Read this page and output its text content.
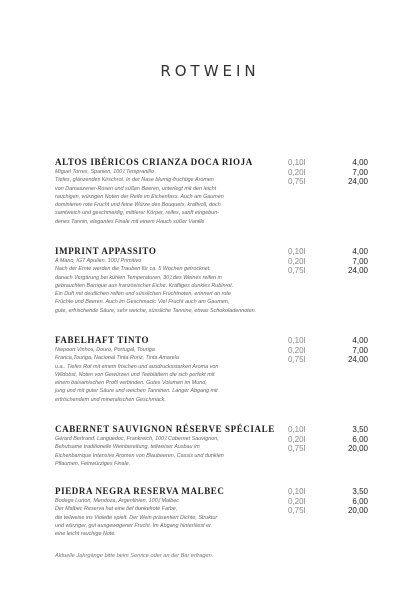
ROTWEIN
ALTOS IBÉRICOS CRIANZA DOCA RIOJA
Miguel Torres, Spanien, 100⁒ Tempranillo
Tiefes, glänzendes Kirschrot. In der Nase blumig-fruchtige Aromen
von Damaszener-Rosen und süßen Beeren, unterlegt mit den leicht
rauchigen, würzigen Noten der Reife im Eichenfass. Auch am Gaumen
dominieren rote Frucht und feine Würze des Bouquets, kraftvoll, doch
samtweich und geschmeidig, mittlerer Körper, reifes, sanft eingebun-
denes Tannin, elegantes Finale mit einem Hauch süßer Vanille
0,10l	4,00
0,20l	7,00
0,75l	24,00
IMPRINT APPASSITO
A Mano, IGT Apulien, 100⁒ Primitivo
Nach der Ernte werden die Trauben für ca. 5 Wochen getrocknet,
danach Vergärung bei kühlen Temperaturen, 30⁒ des Weines reifen in
gebrauchten Barrique aus französischer Eiche. Kräftiges dunkles Rubinrot.
Ein Duft mit deutlichen reifen und süsslichen Fruchtnoten, erinnert an rote
Früchte und Beeren. Auch im Geschmack: Viel Frucht auch am Gaumen,
gute, erfrischende Säure, sehr weiche, süssliche Tannine, etwas Schokoladennoten.
0,10l	4,00
0,20l	7,00
0,75l	24,00
FABELHAFT TINTO
Niepoort Vinhos, Douro, Portugal, Touriga
Franca,Touriga, Nacional Tinta Roriz, Tinta Amarela
u.a.. Tiefes Rot mit einem frischen und ausdrucksstarken Aroma von
Wildobst, Noten von Gewürzen und Teeblättern die sich perfekt mit
einem balsamischen Profil verbinden. Gutes Volumen im Mund,
jung und mit guter Säure und weichen Tanninen. Langer Abgang mit
erfrischendem und mineralischen Geschmack.
0,10l	4,00
0,20l	7,00
0,75l	24,00
CABERNET SAUVIGNON RÉSERVE SPÉCIALE
Gérard Bertrand, Languedoc, Frankreich, 100⁒ Cabernet Sauvignon,
Behutsame traditionelle Weinbereitung, teilweiser Ausbau im
Eichenbarrique Intensive Aromen von Blaubeeren, Cassis und dunklen
Pflaumen. Feinwürziges Finale.
0,10l	3,50
0,20l	6,00
0,75l	20,00
PIEDRA NEGRA RESERVA MALBEC
Bodega Lurton, Mendoza, Argentinien, 100⁒ Malbec
Der Malbec Reserva hat eine tief dunkelrote Farbe,
die teilweise ins Violette spielt. Der Wein präsentiert Dichte, Struktur
und würziger, gut ausgewogener Frucht. Im Abgang hinterlässt er
eine leicht rauchige Note.
0,10l	3,50
0,20l	6,00
0,75l	20,00
Aktuelle Jahrgänge bitte beim Service oder an der Bar erfragen.
